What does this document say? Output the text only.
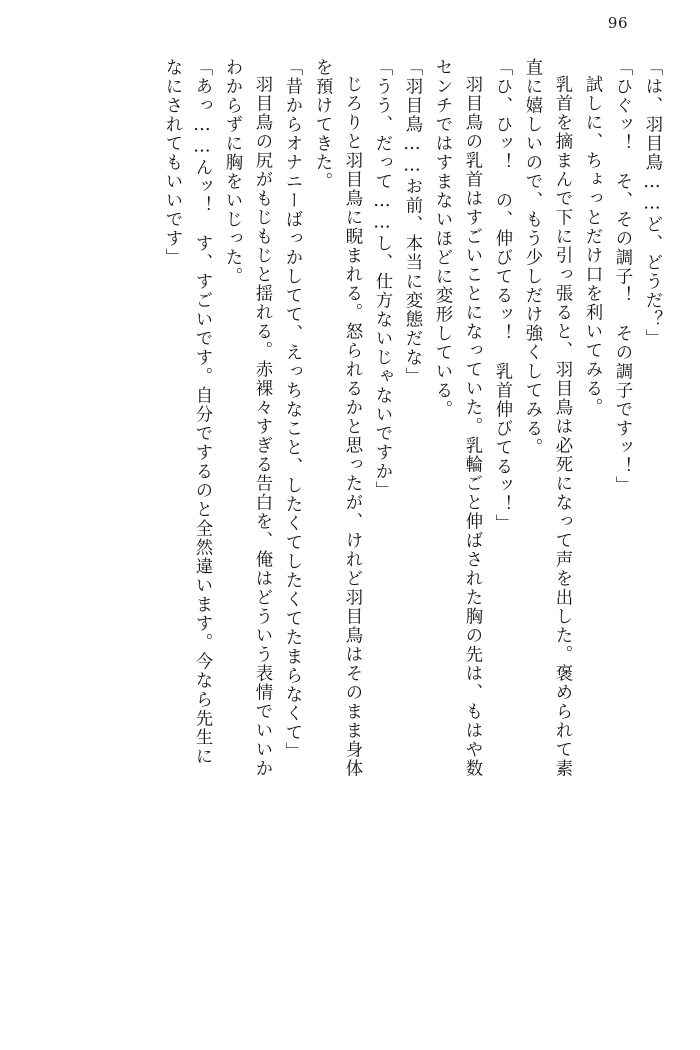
96
「は、羽目鳥……ど、どうだ？」
「ひぐッ！　そ、その調子！　その調子ですッ！」
試しに、ちょっとだけ口を利いてみる。
乳首を摘まんで下に引っ張ると、羽目鳥は必死になって声を出した。褒められて素
直に嬉しいので、もう少しだけ強くしてみる。
「ひ、ひッ！　の、伸びてるッ！　乳首伸びてるッ！」
羽目鳥の乳首はすごいことになっていた。乳輪ごと伸ばされた胸の先は、もはや数
センチではすまないほどに変形している。
「羽目鳥……お前、本当に変態だな」
「うう、だって……し、仕方ないじゃないですか」
じろりと羽目鳥に睨まれる。怒られるかと思ったが、けれど羽目鳥はそのまま身体
を預けてきた。
「昔からオナニーばっかしてて、えっちなこと、したくてしたくてたまらなくて」
羽目鳥の尻がもじもじと揺れる。赤裸々すぎる告白を、俺はどういう表情でいいか
わからずに胸をいじった。
「あっ……んッ！　す、すごいです。自分でするのと全然違います。今なら先生に
なにされてもいいです」
